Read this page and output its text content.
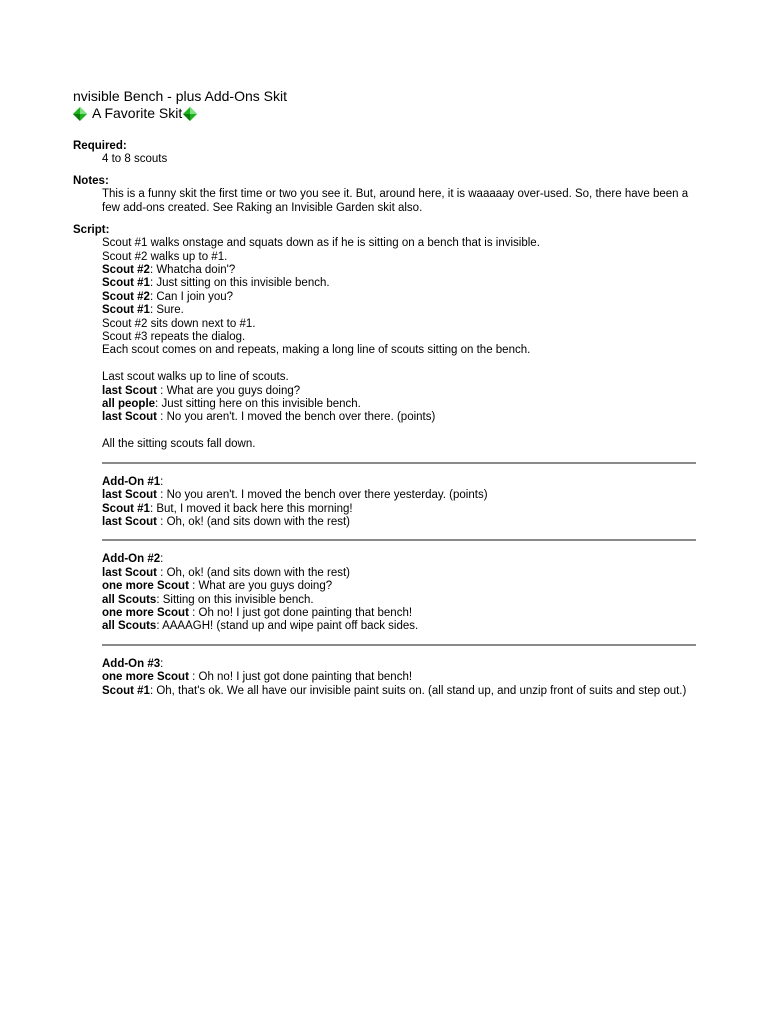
nvisible Bench - plus Add-Ons Skit
A Favorite Skit
Required:
4 to 8 scouts
Notes:
This is a funny skit the first time or two you see it. But, around here, it is waaaaay over-used. So, there have been a
few add-ons created. See Raking an Invisible Garden skit also.
Script:
Scout #1 walks onstage and squats down as if he is sitting on a bench that is invisible.
Scout #2 walks up to #1.
Scout #2: Whatcha doin'?
Scout #1: Just sitting on this invisible bench.
Scout #2: Can I join you?
Scout #1: Sure.
Scout #2 sits down next to #1.
Scout #3 repeats the dialog.
Each scout comes on and repeats, making a long line of scouts sitting on the bench.
Last scout walks up to line of scouts.
last Scout : What are you guys doing?
all people: Just sitting here on this invisible bench.
last Scout : No you aren't. I moved the bench over there. (points)
All the sitting scouts fall down.
Add-On #1:
last Scout : No you aren't. I moved the bench over there yesterday. (points)
Scout #1: But, I moved it back here this morning!
last Scout : Oh, ok! (and sits down with the rest)
Add-On #2:
last Scout : Oh, ok! (and sits down with the rest)
one more Scout : What are you guys doing?
all Scouts: Sitting on this invisible bench.
one more Scout : Oh no! I just got done painting that bench!
all Scouts: AAAAGH! (stand up and wipe paint off back sides.
Add-On #3:
one more Scout : Oh no! I just got done painting that bench!
Scout #1: Oh, that's ok. We all have our invisible paint suits on. (all stand up, and unzip front of suits and step out.)
